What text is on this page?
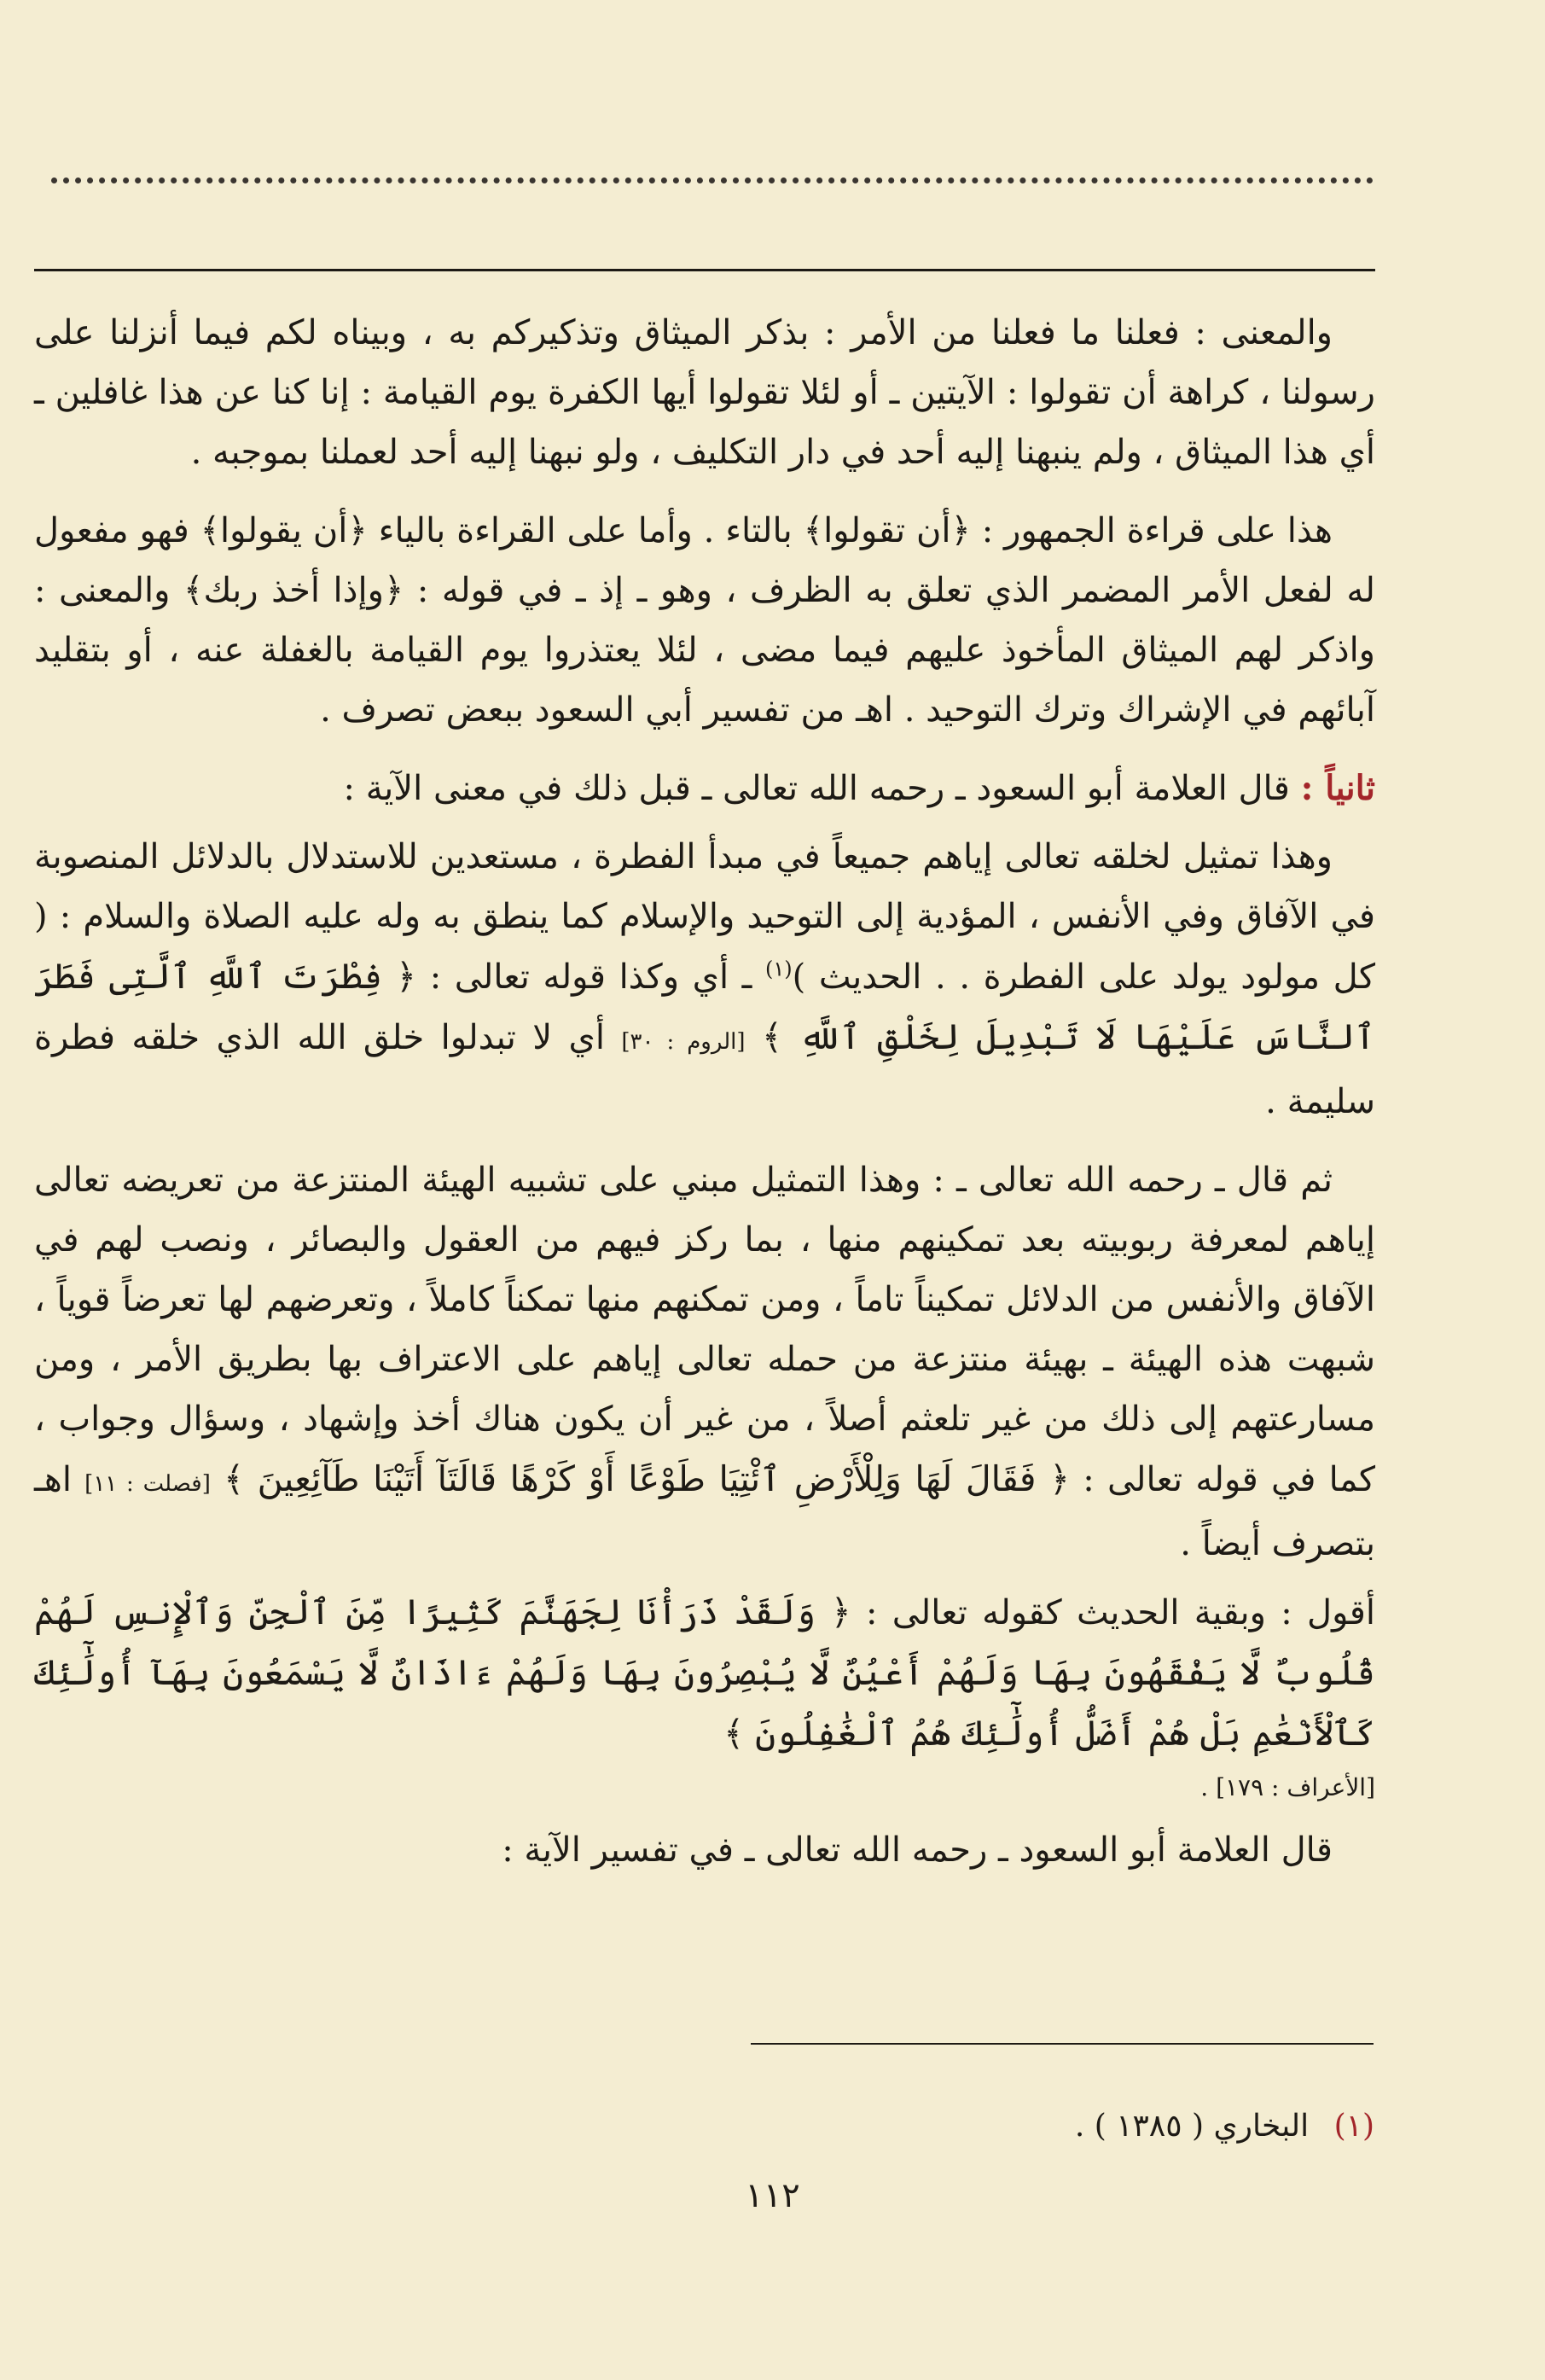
والمعنى : فعلنا ما فعلنا من الأمر : بذكر الميثاق وتذكيركم به ، وبيناه لكم فيما أنزلنا على رسولنا ، كراهة أن تقولوا : الآيتين ـ أو لئلا تقولوا أيها الكفرة يوم القيامة : إنا كنا عن هذا غافلين ـ أي هذا الميثاق ، ولم ينبهنا إليه أحد في دار التكليف ، ولو نبهنا إليه أحد لعملنا بموجبه .

هذا على قراءة الجمهور : ﴿أن تقولوا﴾ بالتاء . وأما على القراءة بالياء ﴿أن يقولوا﴾ فهو مفعول له لفعل الأمر المضمر الذي تعلق به الظرف ، وهو ـ إذ ـ في قوله : ﴿وإذا أخذ ربك﴾ والمعنى : واذكر لهم الميثاق المأخوذ عليهم فيما مضى ، لئلا يعتذروا يوم القيامة بالغفلة عنه ، أو بتقليد آبائهم في الإشراك وترك التوحيد . اهـ من تفسير أبي السعود ببعض تصرف .

ثانياً : قال العلامة أبو السعود ـ رحمه الله تعالى ـ قبل ذلك في معنى الآية :

وهذا تمثيل لخلقه تعالى إياهم جميعاً في مبدأ الفطرة ، مستعدين للاستدلال بالدلائل المنصوبة في الآفاق وفي الأنفس ، المؤدية إلى التوحيد والإسلام كما ينطق به وله عليه الصلاة والسلام : ( كل مولود يولد على الفطرة . . الحديث )$^{(١)}$ ـ أي وكذا قوله تعالى : ﴿ فِطْرَتَ ٱللَّهِ ٱلَّتِى فَطَرَ ٱلنَّاسَ عَلَيْهَا لَا تَبْدِيلَ لِخَلْقِ ٱللَّهِ ﴾ [الروم : ٣٠] أي لا تبدلوا خلق الله الذي خلقه فطرة سليمة .

ثم قال ـ رحمه الله تعالى ـ : وهذا التمثيل مبني على تشبيه الهيئة المنتزعة من تعريضه تعالى إياهم لمعرفة ربوبيته بعد تمكينهم منها ، بما ركز فيهم من العقول والبصائر ، ونصب لهم في الآفاق والأنفس من الدلائل تمكيناً تاماً ، ومن تمكنهم منها تمكناً كاملاً ، وتعرضهم لها تعرضاً قوياً ، شبهت هذه الهيئة ـ بهيئة منتزعة من حمله تعالى إياهم على الاعتراف بها بطريق الأمر ، ومن مسارعتهم إلى ذلك من غير تلعثم أصلاً ، من غير أن يكون هناك أخذ وإشهاد ، وسؤال وجواب ، كما في قوله تعالى : ﴿ فَقَالَ لَهَا وَلِلْأَرْضِ ٱئْتِيَا طَوْعًا أَوْ كَرْهًا قَالَتَآ أَتَيْنَا طَآئِعِينَ ﴾ [فصلت : ١١] اهـ بتصرف أيضاً .

أقول : وبقية الحديث كقوله تعالى : ﴿ وَلَقَدْ ذَرَأْنَا لِجَهَنَّمَ كَثِيرًا مِّنَ ٱلْجِنِّ وَٱلْإِنسِ لَهُمْ قُلُوبٌ لَّا يَفْقَهُونَ بِهَا وَلَهُمْ أَعْيُنٌ لَّا يُبْصِرُونَ بِهَا وَلَهُمْ ءَاذَانٌ لَّا يَسْمَعُونَ بِهَآ أُولَٰٓئِكَ كَٱلْأَنْعَٰمِ بَلْ هُمْ أَضَلُّ أُولَٰٓئِكَ هُمُ ٱلْغَٰفِلُونَ ﴾
[الأعراف : ١٧٩] .

قال العلامة أبو السعود ـ رحمه الله تعالى ـ في تفسير الآية :

(١) البخاري ( ١٣٨٥ ) .
١١٢
